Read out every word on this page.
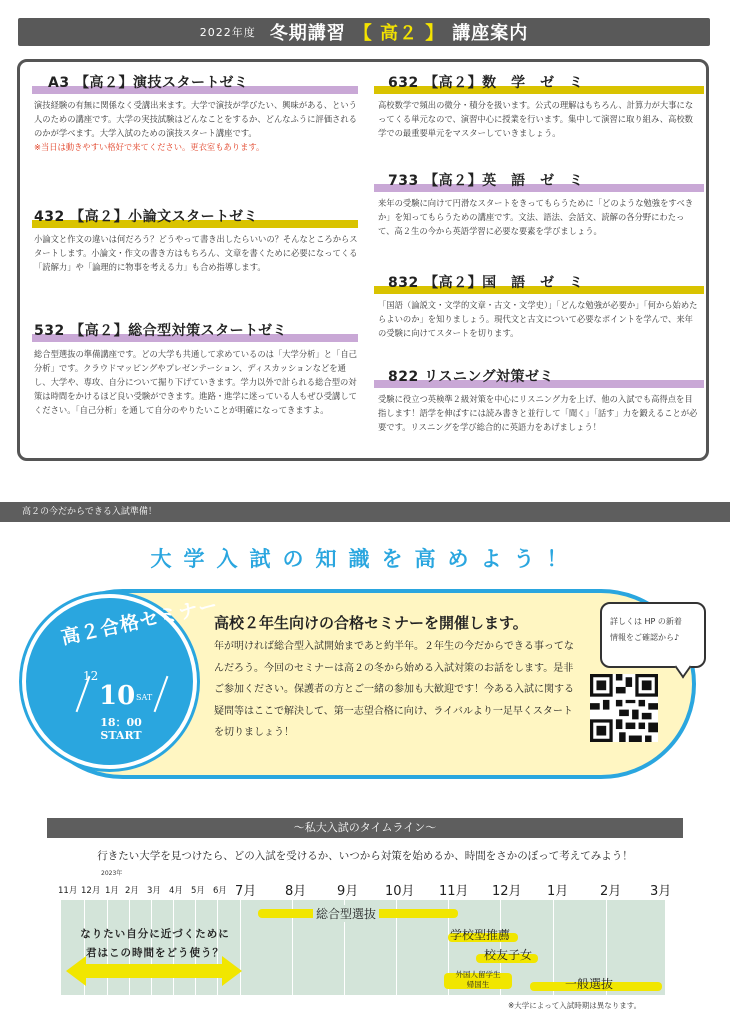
2022年度 冬期講習 【 高２ 】 講座案内
A3 【高２】演技スタートゼミ

演技経験の有無に関係なく受講出来ます。大学で演技が学びたい、興味がある、という人のための講座です。大学の実技試験はどんなことをするか、どんなふうに評価されるのかが学べます。大学入試のための演技スタート講座です。
※当日は動きやすい格好で来てください。更衣室もあります。

432 【高２】小論文スタートゼミ

小論文と作文の違いは何だろう？どうやって書き出したらいいの？そんなところからスタートします。小論文・作文の書き方はもちろん、文章を書くために必要になってくる「読解力」や「論理的に物事を考える力」も合め指導します。

532 【高２】総合型対策スタートゼミ

総合型選抜の準備講座です。どの大学も共通して求めているのは「大学分析」と「自己分析」です。クラウドマッピングやプレゼンテーション、ディスカッションなどを通し、大学や、専攻、自分について掘り下げていきます。学力以外で計られる総合型の対策は時間をかけるほど良い受験ができます。進路・進学に迷っている人もぜひ受講してください。「自己分析」を通して自分のやりたいことが明確になってきますよ。

632 【高２】数　学　ゼ　ミ

高校数学で頻出の微分・積分を扱います。公式の理解はもちろん、計算力が大事になってくる単元なので、演習中心に授業を行います。集中して演習に取り組み、高校数学での最重要単元をマスターしていきましょう。

733 【高２】英　語　ゼ　ミ

来年の受験に向けて円滑なスタートをきってもらうために「どのような勉強をすべきか」を知ってもらうための講座です。文法、語法、会話文、読解の各分野にわたって、高２生の今から英語学習に必要な要素を学びましょう。

832 【高２】国　語　ゼ　ミ

「国語（論説文・文学的文章・古文・文学史）」「どんな勉強が必要か」「何から始めたらよいのか」を知りましょう。現代文と古文について必要なポイントを学んで、来年の受験に向けてスタートを切ります。

822 リスニング対策ゼミ

受験に役立つ英検準２級対策を中心にリスニング力を上げ、他の入試でも高得点を目指します！語学を伸ばすには読み書きと並行して「聞く」「話す」力を鍛えることが必要です。リスニングを学び総合的に英語力をあげましょう！

高２の今だからできる入試準備！
大学入試の知識を高めよう！
高２合格セミナー
12
10 SAT
18：00
START
高校２年生向けの合格セミナーを開催します。

年が明ければ総合型入試開始まであと約半年。２年生の今だからできる事ってなんだろう。今回のセミナーは高２の冬から始める入試対策のお話をします。是非ご参加ください。保護者の方とご一緒の参加も大歓迎です！今ある入試に関する疑問等はここで解決して、第一志望合格に向け、ライバルより一足早くスタートを切りましょう！

詳しくは HP の新着
情報をご確認から♪
～私大入試のタイムライン～
行きたい大学を見つけたら、どの入試を受けるか、いつから対策を始めるか、時間をさかのぼって考えてみよう！
2023年
11月 12月 1月 2月 3月 4月 5月 6月 7月 8月 9月 10月 11月 12月 1月 2月 3月
なりたい自分に近づくために
君はこの時間をどう使う？
総合型選抜
学校型推薦
校友子女
外国人留学生
帰国生	一般選抜
※大学によって入試時期は異なります。
